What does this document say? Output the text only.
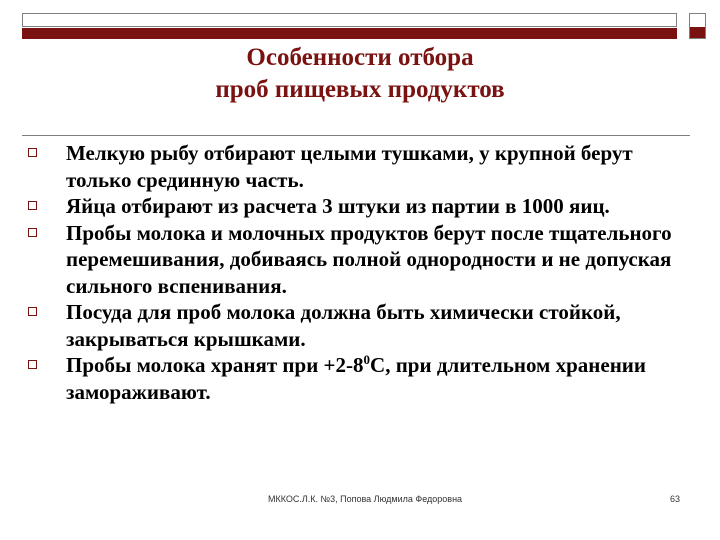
Особенности отбора
проб пищевых продуктов
Мелкую рыбу отбирают целыми тушками, у крупной берут только срединную часть.
Яйца отбирают из расчета 3 штуки из партии в 1000 яиц.
Пробы молока и молочных продуктов берут после тщательного перемешивания, добиваясь полной однородности и не допуская сильного вспенивания.
Посуда для проб молока должна быть химически стойкой, закрываться крышками.
Пробы молока хранят при $+2-8^0С$, при длительном хранении замораживают.
МККОС.Л.К. №3, Попова Людмила Федоровна	63
